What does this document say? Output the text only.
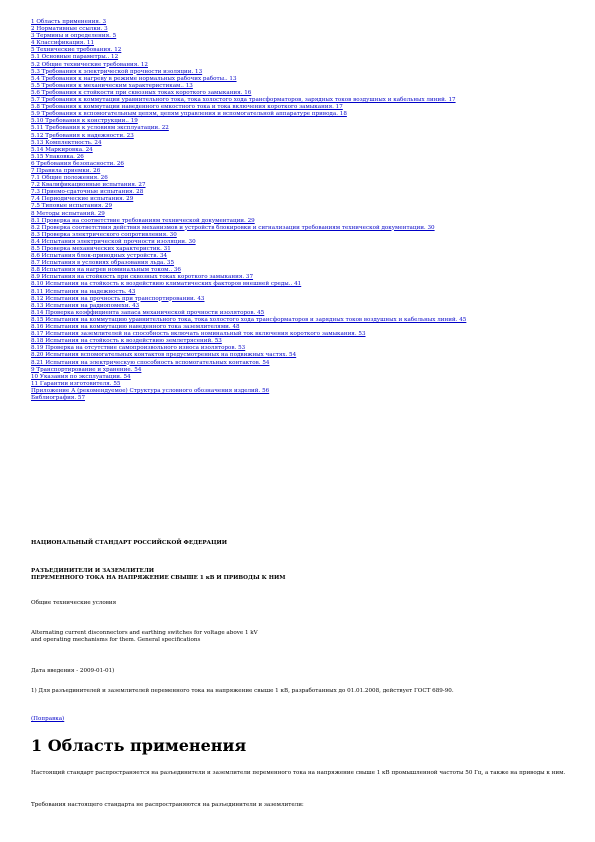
1 Область применения. 3
2 Нормативные ссылки. 3
3 Термины и определения. 5
4 Классификация. 11
5 Технические требования. 12
5.1 Основные параметры.. 12
5.2 Общие технические требования. 12
5.3 Требования к электрической прочности изоляции. 13
5.4 Требования к нагреву в режиме нормальных рабочих работы.. 13
5.5 Требования к механическим характеристикам.. 13
5.6 Требования к стойкости при сквозных токах короткого замыкания. 16
5.7 Требования к коммутации уравнительного тока, тока холостого хода трансформаторов, зарядных токов воздушных и кабельных линий. 17
5.8 Требования к коммутации наведенного емкостного тока и тока включения короткого замыкания. 17
5.9 Требования к вспомогательным цепям, цепям управления и вспомогательной аппаратуре привода. 18
5.10 Требования к конструкции.. 19
5.11 Требования к условиям эксплуатации. 22
5.12 Требования к надежности. 23
5.13 Комплектность. 24
5.14 Маркировка. 24
5.15 Упаковка. 26
6 Требования безопасности. 26
7 Правила приемки. 26
7.1 Общие положения. 26
7.2 Квалификационные испытания. 27
7.3 Приемо-сдаточные испытания. 28
7.4 Периодические испытания. 29
7.5 Типовые испытания. 29
8 Методы испытаний. 29
8.1 Проверка на соответствие требованиям технической документации. 29
8.2 Проверка соответствия действия механизмов и устройств блокировки и сигнализации требованиям технической документации. 30
8.3 Проверка электрического сопротивления. 30
8.4 Испытания электрической прочности изоляции. 30
8.5 Проверка механических характеристик. 31
8.6 Испытания блок-приводных устройств. 34
8.7 Испытания в условиях образования льда. 35
8.8 Испытания на нагрев номинальным током.. 36
8.9 Испытания на стойкость при сквозных токах короткого замыкания. 37
8.10 Испытания на стойкость к воздействию климатических факторов внешней среды.. 41
8.11 Испытания на надежность. 43
8.12 Испытания на прочность при транспортировании. 43
8.13 Испытания на радиопомехи. 43
8.14 Проверка коэффициента запаса механической прочности изоляторов. 45
8.15 Испытания на коммутацию уравнительного тока, тока холостого хода трансформаторов и зарядных токов воздушных и кабельных линий. 45
8.16 Испытания на коммутацию наведенного тока заземлителями. 48
8.17 Испытания заземлителей на способность включать номинальный ток включения короткого замыкания. 53
8.18 Испытания на стойкость к воздействию землетрясений. 53
8.19 Проверка на отсутствие самопроизвольного износа изоляторов. 53
8.20 Испытания вспомогательных контактов предусмотренных на подвижных частях. 54
8.21 Испытания на электрическую способность вспомогательных контактов. 54
9 Транспортирование и хранение. 54
10 Указания по эксплуатации. 54
11 Гарантии изготовителя. 55
Приложение А (рекомендуемое) Структура условного обозначения изделий. 56
Библиография. 57

НАЦИОНАЛЬНЫЙ СТАНДАРТ РОССИЙСКОЙ ФЕДЕРАЦИИ

РАЗЪЕДИНИТЕЛИ И ЗАЗЕМЛИТЕЛИ

ПЕРЕМЕННОГО ТОКА НА НАПРЯЖЕНИЕ СВЫШЕ 1 кВ И ПРИВОДЫ К НИМ

Общие технические условия

Alternating current disconnectors and earthing switches for voltage above 1 kV

and operating mechanisms for them. General specifications

Дата введения - 2009-01-01)

1) Для разъединителей и заземлителей переменного тока на напряжение свыше 1 кВ, разработанных до 01.01.2008, действует ГОСТ 689-90.

(Поправка)
1 Область применения

Настоящий стандарт распространяется на разъединители и заземлители переменного тока на напряжение свыше 1 кВ промышленной частоты 50 Гц, а также на приводы к ним.

Требования настоящего стандарта не распространяются на разъединители и заземлители:
